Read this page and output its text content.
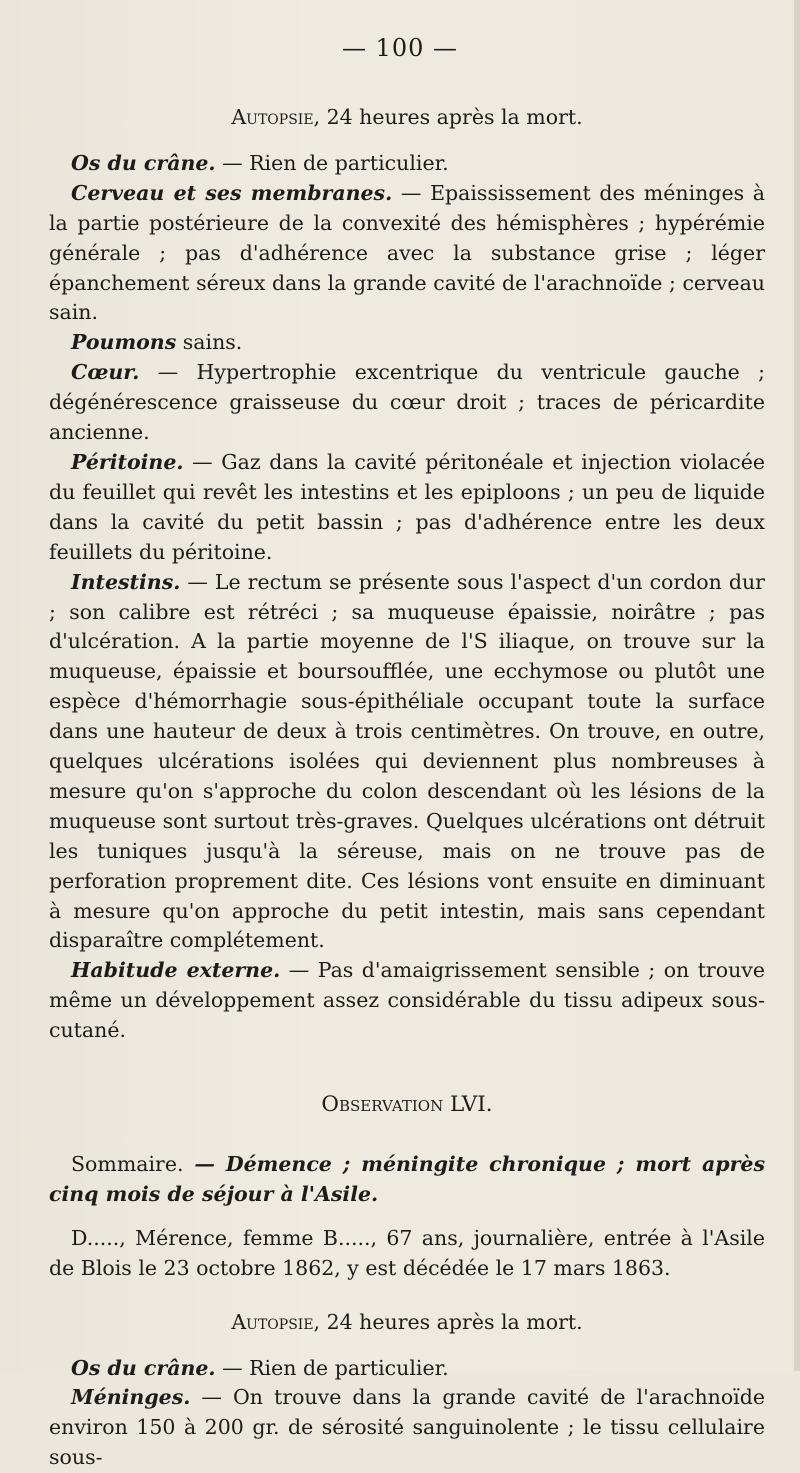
— 100 —

Autopsie, 24 heures après la mort.

Os du crâne. — Rien de particulier.

Cerveau et ses membranes. — Epaississement des méninges à la partie postérieure de la convexité des hémisphères ; hypérémie générale ; pas d'adhérence avec la substance grise ; léger épanchement séreux dans la grande cavité de l'arachnoïde ; cerveau sain.

Poumons sains.

Cœur. — Hypertrophie excentrique du ventricule gauche ; dégénérescence graisseuse du cœur droit ; traces de péricardite ancienne.

Péritoine. — Gaz dans la cavité péritonéale et injection violacée du feuillet qui revêt les intestins et les epiploons ; un peu de liquide dans la cavité du petit bassin ; pas d'adhérence entre les deux feuillets du péritoine.

Intestins. — Le rectum se présente sous l'aspect d'un cordon dur ; son calibre est rétréci ; sa muqueuse épaissie, noirâtre ; pas d'ulcération. A la partie moyenne de l'S iliaque, on trouve sur la muqueuse, épaissie et boursoufflée, une ecchymose ou plutôt une espèce d'hémorrhagie sous-épithéliale occupant toute la surface dans une hauteur de deux à trois centimètres. On trouve, en outre, quelques ulcérations isolées qui deviennent plus nombreuses à mesure qu'on s'approche du colon descendant où les lésions de la muqueuse sont surtout très-graves. Quelques ulcérations ont détruit les tuniques jusqu'à la séreuse, mais on ne trouve pas de perforation proprement dite. Ces lésions vont ensuite en diminuant à mesure qu'on approche du petit intestin, mais sans cependant disparaître complétement.

Habitude externe. — Pas d'amaigrissement sensible ; on trouve même un développement assez considérable du tissu adipeux sous-cutané.

Observation LVI.

Sommaire. — Démence ; méningite chronique ; mort après cinq mois de séjour à l'Asile.

D....., Mérence, femme B....., 67 ans, journalière, entrée à l'Asile de Blois le 23 octobre 1862, y est décédée le 17 mars 1863.

Autopsie, 24 heures après la mort.

Os du crâne. — Rien de particulier.

Méninges. — On trouve dans la grande cavité de l'arachnoïde environ 150 à 200 gr. de sérosité sanguinolente ; le tissu cellulaire sous-
